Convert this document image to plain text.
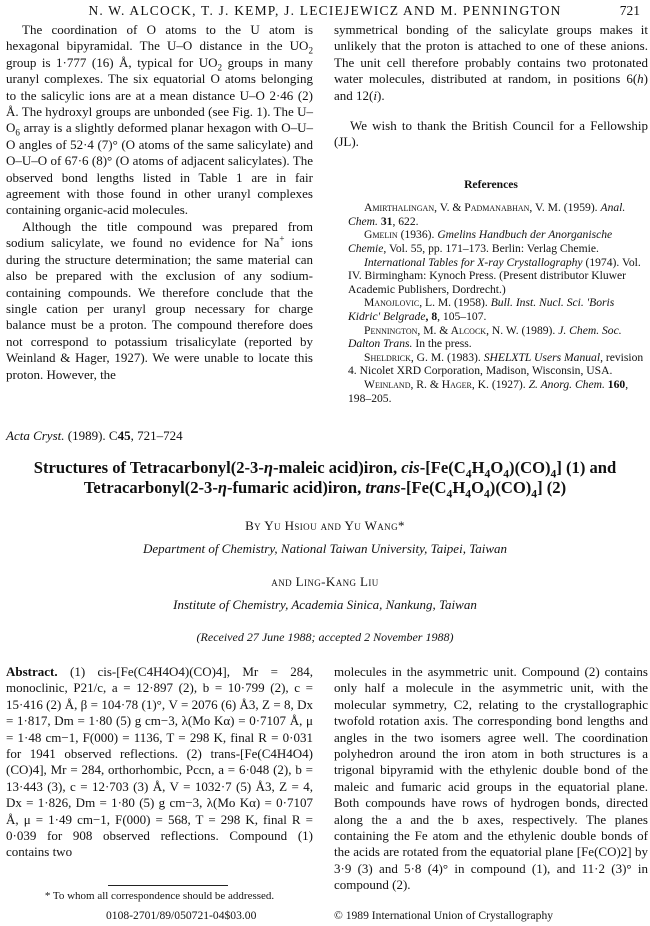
N. W. ALCOCK, T. J. KEMP, J. LECIEJEWICZ AND M. PENNINGTON	721

The coordination of O atoms to the U atom is hexagonal bipyramidal. The U–O distance in the $UO_2$ group is 1·777 (16) Å, typical for $UO_2$ groups in many uranyl complexes. The six equatorial O atoms belonging to the salicylic ions are at a mean distance U–O 2·46 (2) Å. The hydroxyl groups are unbonded (see Fig. 1). The $U-O_6$ array is a slightly deformed planar hexagon with O–U–O angles of 52·4 (7)° (O atoms of the same salicylate) and O–U–O of 67·6 (8)° (O atoms of adjacent salicylates). The observed bond lengths listed in Table 1 are in fair agreement with those found in other uranyl complexes containing organic-acid molecules.

Although the title compound was prepared from sodium salicylate, we found no evidence for Na+ ions during the structure determination; the same material can also be prepared with the exclusion of any sodium-containing compounds. We therefore conclude that the single cation per uranyl group necessary for charge balance must be a proton. The compound therefore does not correspond to potassium trisalicylate (reported by Weinland & Hager, 1927). We were unable to locate this proton. However, the

symmetrical bonding of the salicylate groups makes it unlikely that the proton is attached to one of these anions. The unit cell therefore probably contains two protonated water molecules, distributed at random, in positions 6(h) and 12(i).

We wish to thank the British Council for a Fellowship (JL).

References

Amirthalingan, V. & Padmanabhan, V. M. (1959). Anal. Chem. 31, 622.

Gmelin (1936). Gmelins Handbuch der Anorganische Chemie, Vol. 55, pp. 171–173. Berlin: Verlag Chemie.

International Tables for X-ray Crystallography (1974). Vol. IV. Birmingham: Kynoch Press. (Present distributor Kluwer Academic Publishers, Dordrecht.)

Manojlovic, L. M. (1958). Bull. Inst. Nucl. Sci. 'Boris Kidric' Belgrade, 8, 105–107.

Pennington, M. & Alcock, N. W. (1989). J. Chem. Soc. Dalton Trans. In the press.

Sheldrick, G. M. (1983). SHELXTL Users Manual, revision 4. Nicolet XRD Corporation, Madison, Wisconsin, USA.

Weinland, R. & Hager, K. (1927). Z. Anorg. Chem. 160, 198–205.

Acta Cryst. (1989). C45, 721–724
Structures of Tetracarbonyl(2-3-η-maleic acid)iron, cis-$[Fe(C_4H_4O_4)(CO)_4]$ (1) and
Tetracarbonyl(2-3-η-fumaric acid)iron, trans-$[Fe(C_4H_4O_4)(CO)_4]$ (2)
By Yu Hsiou and Yu Wang*
Department of Chemistry, National Taiwan University, Taipei, Taiwan
and Ling-Kang Liu
Institute of Chemistry, Academia Sinica, Nankung, Taiwan
(Received 27 June 1988; accepted 2 November 1988)

Abstract. (1) cis-[Fe(C4H4O4)(CO)4], Mr = 284, monoclinic, P21/c, a = 12·897 (2), b = 10·799 (2), c = 15·416 (2) Å, β = 104·78 (1)°, V = 2076 (6) Å3, Z = 8, Dx = 1·817, Dm = 1·80 (5) g cm−3, λ(Mo Kα) = 0·7107 Å, μ = 1·48 cm−1, F(000) = 1136, T = 298 K, final R = 0·031 for 1941 observed reflections. (2) trans-[Fe(C4H4O4)(CO)4], Mr = 284, orthorhombic, Pccn, a = 6·048 (2), b = 13·443 (3), c = 12·703 (3) Å, V = 1032·7 (5) Å3, Z = 4, Dx = 1·826, Dm = 1·80 (5) g cm−3, λ(Mo Kα) = 0·7107 Å, μ = 1·49 cm−1, F(000) = 568, T = 298 K, final R = 0·039 for 908 observed reflections. Compound (1) contains two

molecules in the asymmetric unit. Compound (2) contains only half a molecule in the asymmetric unit, with the molecular symmetry, C2, relating to the crystallographic twofold rotation axis. The corresponding bond lengths and angles in the two isomers agree well. The coordination polyhedron around the iron atom in both structures is a trigonal bipyramid with the ethylenic double bond of the maleic and fumaric acid groups in the equatorial plane. Both compounds have rows of hydrogen bonds, directed along the a and the b axes, respectively. The planes containing the Fe atom and the ethylenic double bonds of the acids are rotated from the equatorial plane [Fe(CO)2] by 3·9 (3) and 5·8 (4)° in compound (1), and 11·2 (3)° in compound (2).

* To whom all correspondence should be addressed.
0108-2701/89/050721-04$03.00	© 1989 International Union of Crystallography
